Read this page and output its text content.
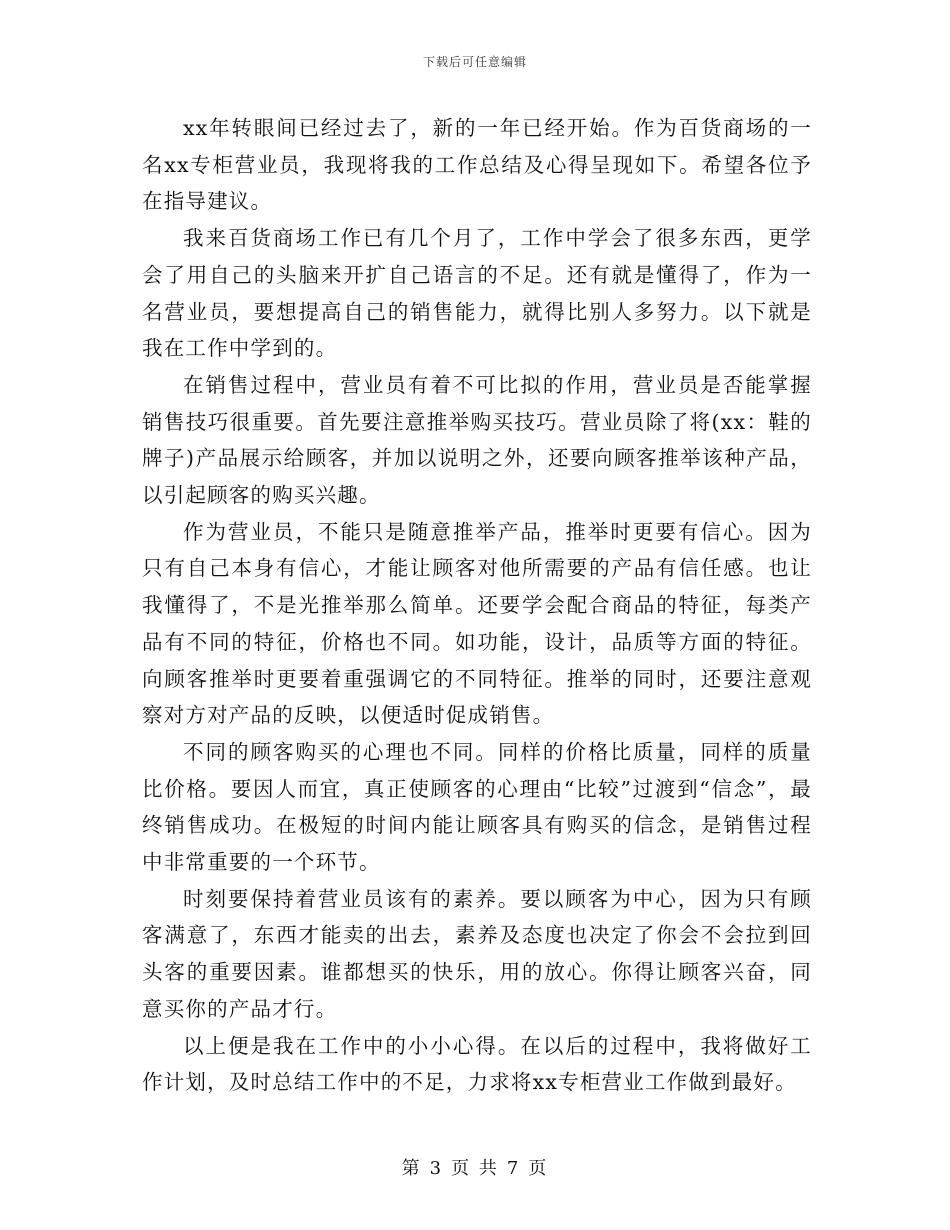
下载后可任意编辑

xx年转眼间已经过去了，新的一年已经开始。作为百货商场的一名xx专柜营业员，我现将我的工作总结及心得呈现如下。希望各位予在指导建议。

我来百货商场工作已有几个月了，工作中学会了很多东西，更学会了用自己的头脑来开扩自己语言的不足。还有就是懂得了，作为一名营业员，要想提高自己的销售能力，就得比别人多努力。以下就是我在工作中学到的。

在销售过程中，营业员有着不可比拟的作用，营业员是否能掌握销售技巧很重要。首先要注意推举购买技巧。营业员除了将(xx：鞋的牌子)产品展示给顾客，并加以说明之外，还要向顾客推举该种产品，以引起顾客的购买兴趣。

作为营业员，不能只是随意推举产品，推举时更要有信心。因为只有自己本身有信心，才能让顾客对他所需要的产品有信任感。也让我懂得了，不是光推举那么简单。还要学会配合商品的特征，每类产品有不同的特征，价格也不同。如功能，设计，品质等方面的特征。向顾客推举时更要着重强调它的不同特征。推举的同时，还要注意观察对方对产品的反映，以便适时促成销售。

不同的顾客购买的心理也不同。同样的价格比质量，同样的质量比价格。要因人而宜，真正使顾客的心理由“比较”过渡到“信念”，最终销售成功。在极短的时间内能让顾客具有购买的信念，是销售过程中非常重要的一个环节。

时刻要保持着营业员该有的素养。要以顾客为中心，因为只有顾客满意了，东西才能卖的出去，素养及态度也决定了你会不会拉到回头客的重要因素。谁都想买的快乐，用的放心。你得让顾客兴奋，同意买你的产品才行。

以上便是我在工作中的小小心得。在以后的过程中，我将做好工作计划，及时总结工作中的不足，力求将xx专柜营业工作做到最好。

第 3 页 共 7 页
